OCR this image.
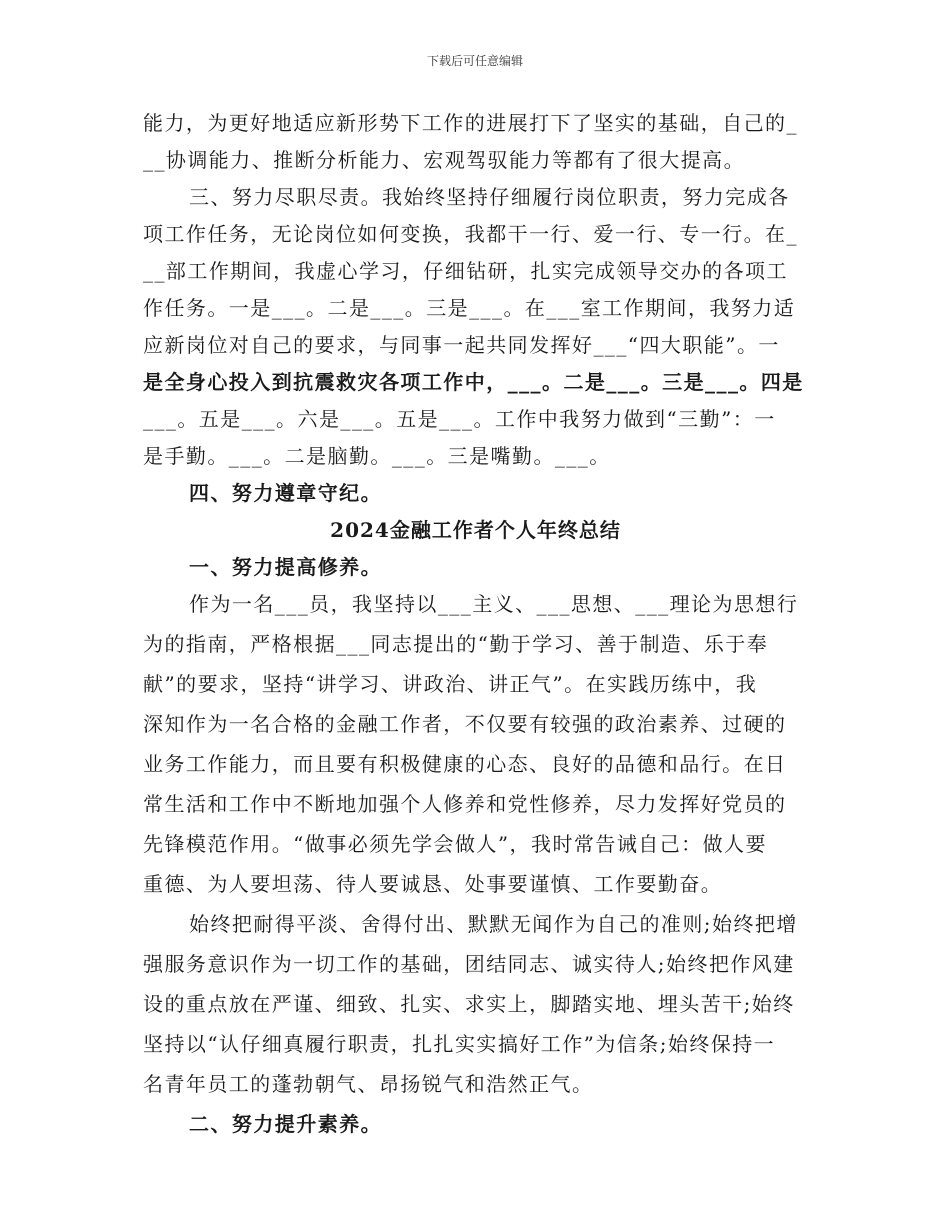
下载后可任意编辑
能力，为更好地适应新形势下工作的进展打下了坚实的基础，自己的_
__协调能力、推断分析能力、宏观驾驭能力等都有了很大提高。
三、努力尽职尽责。我始终坚持仔细履行岗位职责，努力完成各
项工作任务，无论岗位如何变换，我都干一行、爱一行、专一行。在_
__部工作期间，我虚心学习，仔细钻研，扎实完成领导交办的各项工
作任务。一是___。二是___。三是___。在___室工作期间，我努力适
应新岗位对自己的要求，与同事一起共同发挥好___“四大职能”。一
是全身心投入到抗震救灾各项工作中，___。二是___。三是___。四是
___。五是___。六是___。五是___。工作中我努力做到“三勤”：一
是手勤。___。二是脑勤。___。三是嘴勤。___。
四、努力遵章守纪。
2024金融工作者个人年终总结
一、努力提高修养。
作为一名___员，我坚持以___主义、___思想、___理论为思想行
为的指南，严格根据___同志提出的“勤于学习、善于制造、乐于奉
献”的要求，坚持“讲学习、讲政治、讲正气”。在实践历练中，我
深知作为一名合格的金融工作者，不仅要有较强的政治素养、过硬的
业务工作能力，而且要有积极健康的心态、良好的品德和品行。在日
常生活和工作中不断地加强个人修养和党性修养，尽力发挥好党员的
先锋模范作用。“做事必须先学会做人”，我时常告诫自己：做人要
重德、为人要坦荡、待人要诚恳、处事要谨慎、工作要勤奋。
始终把耐得平淡、舍得付出、默默无闻作为自己的准则;始终把增
强服务意识作为一切工作的基础，团结同志、诚实待人;始终把作风建
设的重点放在严谨、细致、扎实、求实上，脚踏实地、埋头苦干;始终
坚持以“认仔细真履行职责，扎扎实实搞好工作”为信条;始终保持一
名青年员工的蓬勃朝气、昂扬锐气和浩然正气。
二、努力提升素养。
